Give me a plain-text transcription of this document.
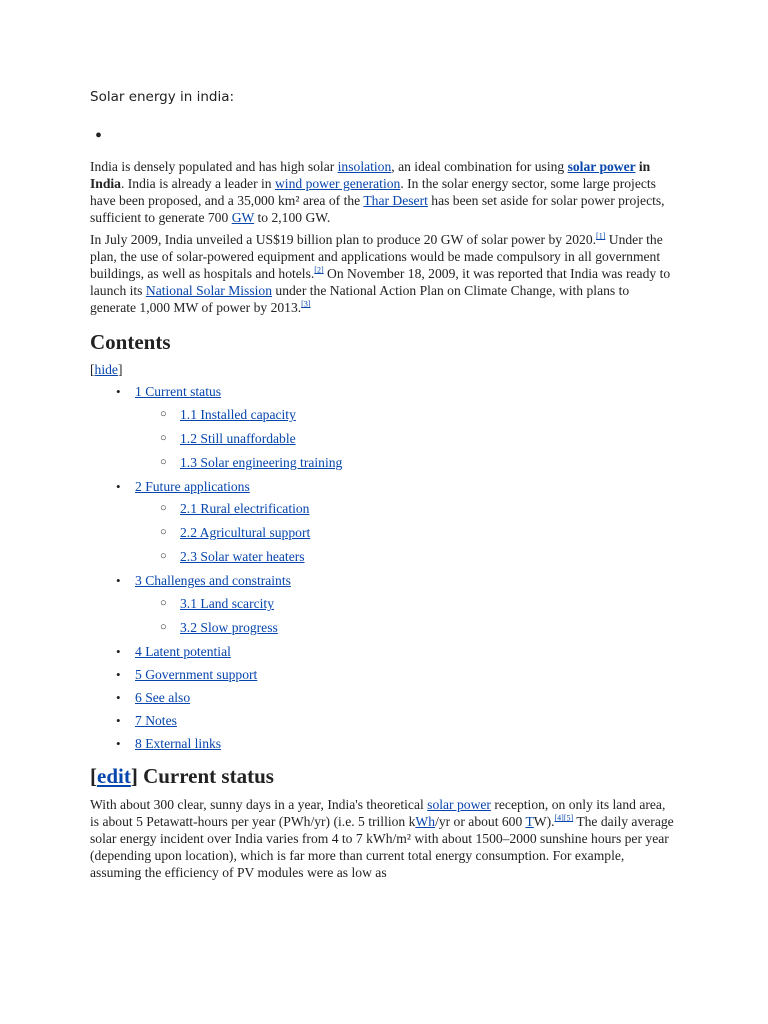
Solar energy in india:
•

India is densely populated and has high solar insolation, an ideal combination for using solar power in India. India is already a leader in wind power generation. In the solar energy sector, some large projects have been proposed, and a 35,000 km² area of the Thar Desert has been set aside for solar power projects, sufficient to generate 700 GW to 2,100 GW.

In July 2009, India unveiled a US$19 billion plan to produce 20 GW of solar power by 2020.[1] Under the plan, the use of solar-powered equipment and applications would be made compulsory in all government buildings, as well as hospitals and hotels.[2] On November 18, 2009, it was reported that India was ready to launch its National Solar Mission under the National Action Plan on Climate Change, with plans to generate 1,000 MW of power by 2013.[3]

Contents
[hide]
• 1 Current status
○ 1.1 Installed capacity
○ 1.2 Still unaffordable
○ 1.3 Solar engineering training
• 2 Future applications
○ 2.1 Rural electrification
○ 2.2 Agricultural support
○ 2.3 Solar water heaters
• 3 Challenges and constraints
○ 3.1 Land scarcity
○ 3.2 Slow progress
• 4 Latent potential
• 5 Government support
• 6 See also
• 7 Notes
• 8 External links
[edit] Current status

With about 300 clear, sunny days in a year, India's theoretical solar power reception, on only its land area, is about 5 Petawatt-hours per year (PWh/yr) (i.e. 5 trillion kWh/yr or about 600 TW).[4][5] The daily average solar energy incident over India varies from 4 to 7 kWh/m² with about 1500–2000 sunshine hours per year (depending upon location), which is far more than current total energy consumption. For example, assuming the efficiency of PV modules were as low as
